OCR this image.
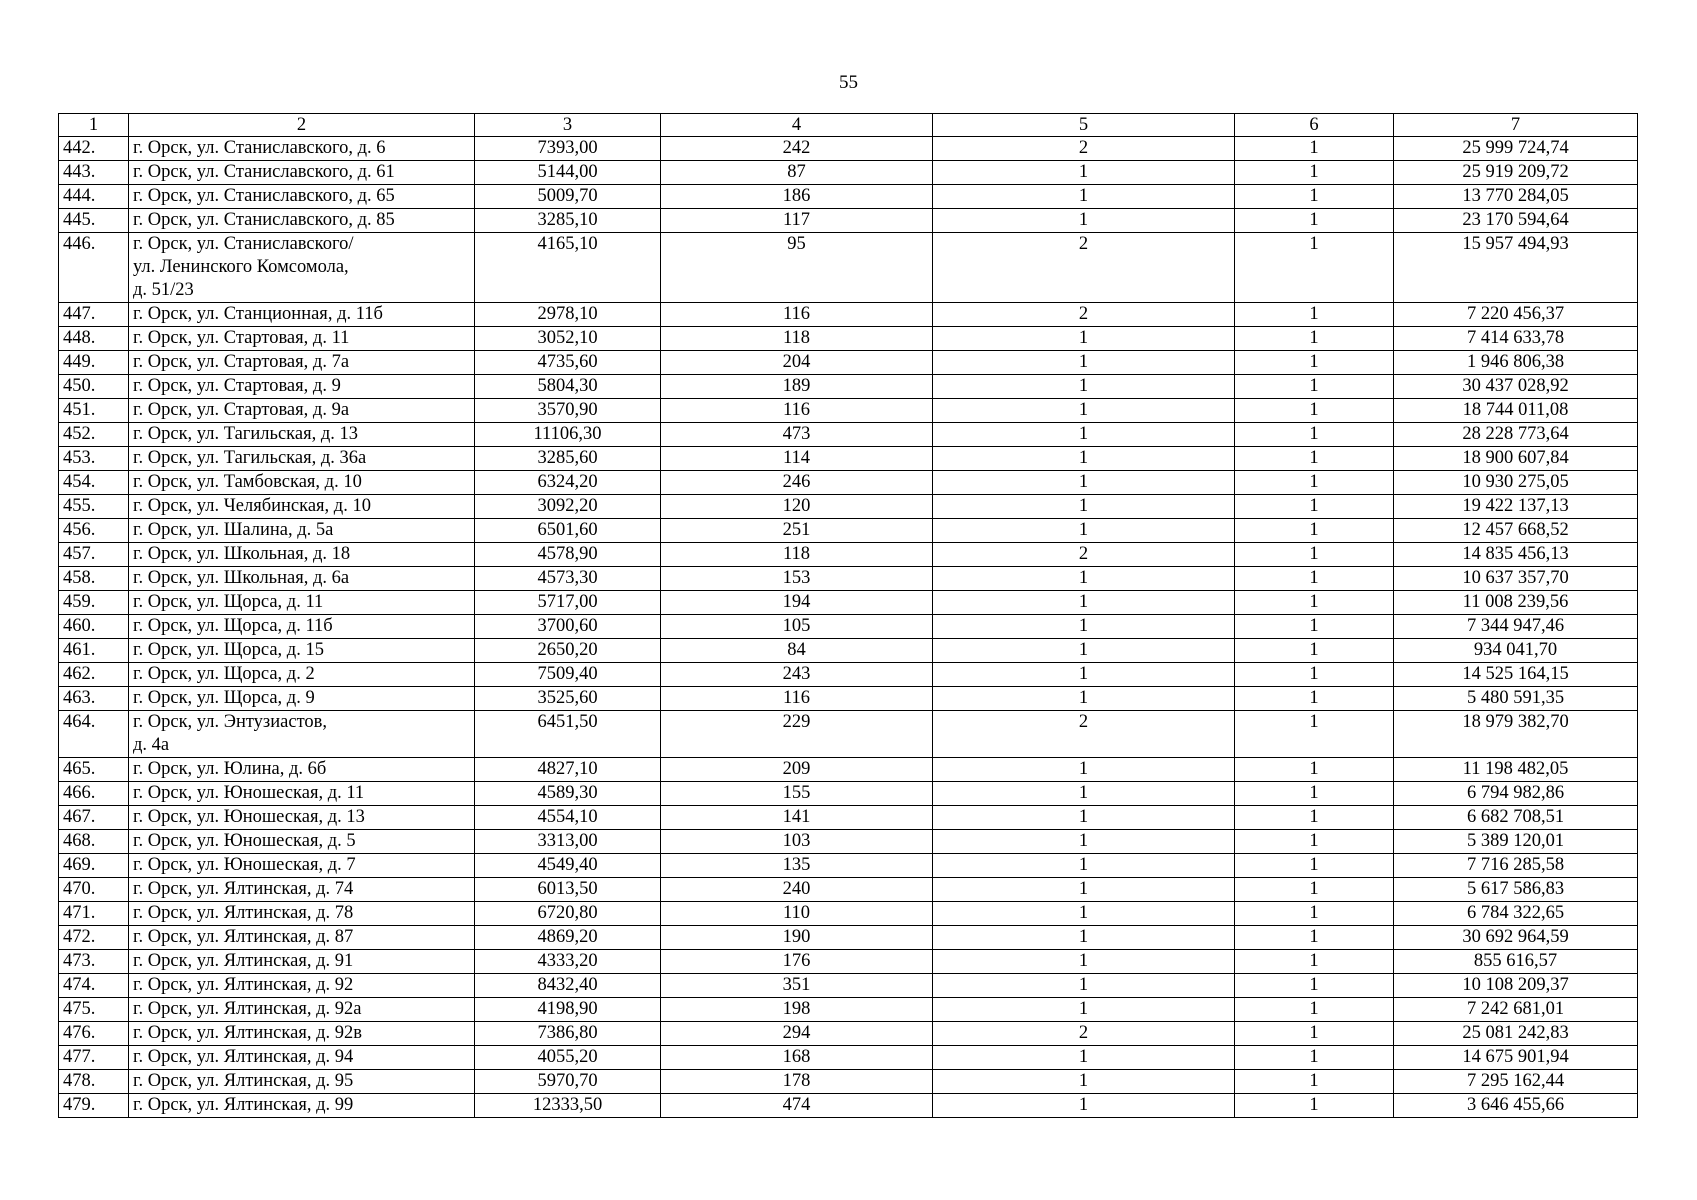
55
1	2	3	4	5	6	7
442.	г. Орск, ул. Станиславского, д. 6	7393,00	242	2	1	25 999 724,74
443.	г. Орск, ул. Станиславского, д. 61	5144,00	87	1	1	25 919 209,72
444.	г. Орск, ул. Станиславского, д. 65	5009,70	186	1	1	13 770 284,05
445.	г. Орск, ул. Станиславского, д. 85	3285,10	117	1	1	23 170 594,64
446.	г. Орск, ул. Станиславского/
ул. Ленинского Комсомола,
д. 51/23	4165,10	95	2	1	15 957 494,93
447.	г. Орск, ул. Станционная, д. 11б	2978,10	116	2	1	7 220 456,37
448.	г. Орск, ул. Стартовая, д. 11	3052,10	118	1	1	7 414 633,78
449.	г. Орск, ул. Стартовая, д. 7а	4735,60	204	1	1	1 946 806,38
450.	г. Орск, ул. Стартовая, д. 9	5804,30	189	1	1	30 437 028,92
451.	г. Орск, ул. Стартовая, д. 9а	3570,90	116	1	1	18 744 011,08
452.	г. Орск, ул. Тагильская, д. 13	11106,30	473	1	1	28 228 773,64
453.	г. Орск, ул. Тагильская, д. 36а	3285,60	114	1	1	18 900 607,84
454.	г. Орск, ул. Тамбовская, д. 10	6324,20	246	1	1	10 930 275,05
455.	г. Орск, ул. Челябинская, д. 10	3092,20	120	1	1	19 422 137,13
456.	г. Орск, ул. Шалина, д. 5а	6501,60	251	1	1	12 457 668,52
457.	г. Орск, ул. Школьная, д. 18	4578,90	118	2	1	14 835 456,13
458.	г. Орск, ул. Школьная, д. 6а	4573,30	153	1	1	10 637 357,70
459.	г. Орск, ул. Щорса, д. 11	5717,00	194	1	1	11 008 239,56
460.	г. Орск, ул. Щорса, д. 11б	3700,60	105	1	1	7 344 947,46
461.	г. Орск, ул. Щорса, д. 15	2650,20	84	1	1	934 041,70
462.	г. Орск, ул. Щорса, д. 2	7509,40	243	1	1	14 525 164,15
463.	г. Орск, ул. Щорса, д. 9	3525,60	116	1	1	5 480 591,35
464.	г. Орск, ул. Энтузиастов,
д. 4а	6451,50	229	2	1	18 979 382,70
465.	г. Орск, ул. Юлина, д. 6б	4827,10	209	1	1	11 198 482,05
466.	г. Орск, ул. Юношеская, д. 11	4589,30	155	1	1	6 794 982,86
467.	г. Орск, ул. Юношеская, д. 13	4554,10	141	1	1	6 682 708,51
468.	г. Орск, ул. Юношеская, д. 5	3313,00	103	1	1	5 389 120,01
469.	г. Орск, ул. Юношеская, д. 7	4549,40	135	1	1	7 716 285,58
470.	г. Орск, ул. Ялтинская, д. 74	6013,50	240	1	1	5 617 586,83
471.	г. Орск, ул. Ялтинская, д. 78	6720,80	110	1	1	6 784 322,65
472.	г. Орск, ул. Ялтинская, д. 87	4869,20	190	1	1	30 692 964,59
473.	г. Орск, ул. Ялтинская, д. 91	4333,20	176	1	1	855 616,57
474.	г. Орск, ул. Ялтинская, д. 92	8432,40	351	1	1	10 108 209,37
475.	г. Орск, ул. Ялтинская, д. 92а	4198,90	198	1	1	7 242 681,01
476.	г. Орск, ул. Ялтинская, д. 92в	7386,80	294	2	1	25 081 242,83
477.	г. Орск, ул. Ялтинская, д. 94	4055,20	168	1	1	14 675 901,94
478.	г. Орск, ул. Ялтинская, д. 95	5970,70	178	1	1	7 295 162,44
479.	г. Орск, ул. Ялтинская, д. 99	12333,50	474	1	1	3 646 455,66
